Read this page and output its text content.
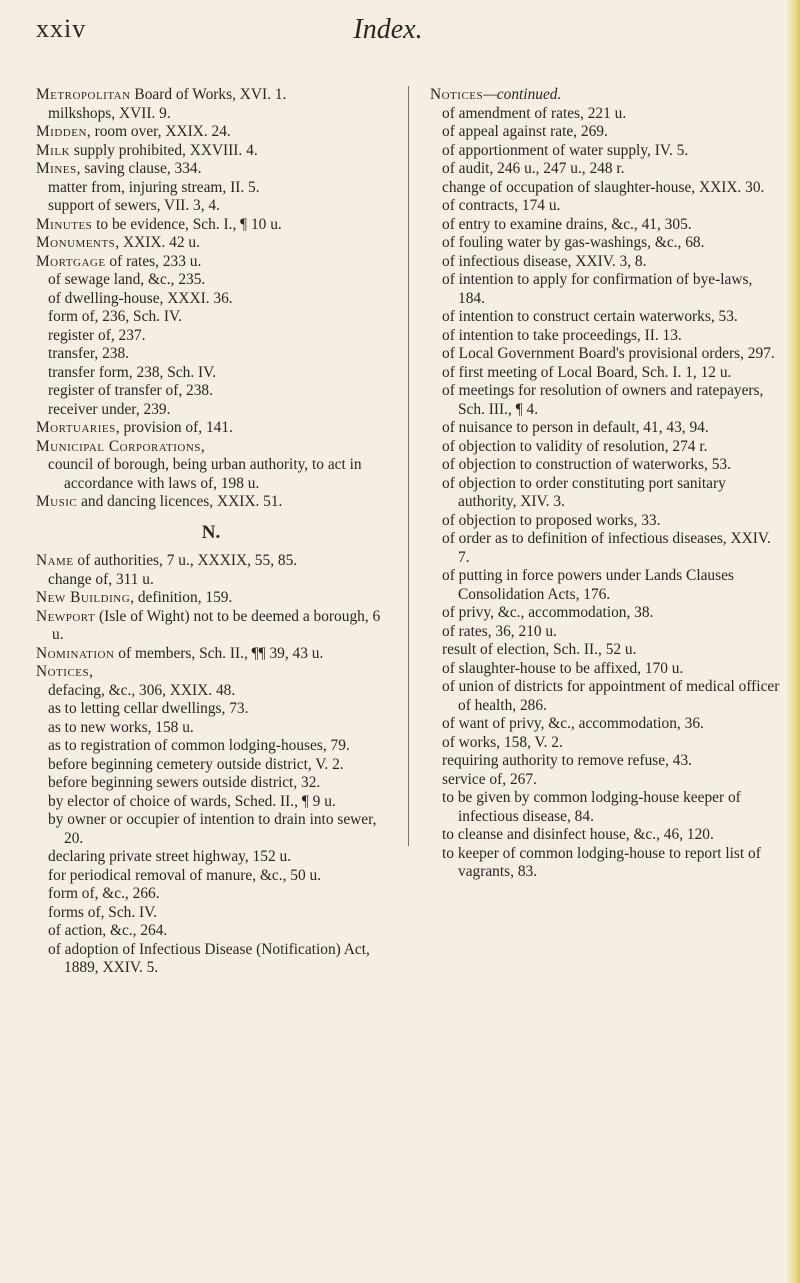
xxiv	Index.
Metropolitan Board of Works, XVI. 1.
milkshops, XVII. 9.
Midden, room over, XXIX. 24.
Milk supply prohibited, XXVIII. 4.
Mines, saving clause, 334.
matter from, injuring stream, II. 5.
support of sewers, VII. 3, 4.
Minutes to be evidence, Sch. I., ¶ 10 u.
Monuments, XXIX. 42 u.
Mortgage of rates, 233 u.
of sewage land, &c., 235.
of dwelling-house, XXXI. 36.
form of, 236, Sch. IV.
register of, 237.
transfer, 238.
transfer form, 238, Sch. IV.
register of transfer of, 238.
receiver under, 239.
Mortuaries, provision of, 141.
Municipal Corporations,
council of borough, being urban authority, to act in accordance with laws of, 198 u.
Music and dancing licences, XXIX. 51.
N.
Name of authorities, 7 u., XXXIX, 55, 85.
change of, 311 u.
New Building, definition, 159.
Newport (Isle of Wight) not to be deemed a borough, 6 u.
Nomination of members, Sch. II., ¶¶ 39, 43 u.
Notices,
defacing, &c., 306, XXIX. 48.
as to letting cellar dwellings, 73.
as to new works, 158 u.
as to registration of common lodging-houses, 79.
before beginning cemetery outside district, V. 2.
before beginning sewers outside district, 32.
by elector of choice of wards, Sched. II., ¶ 9 u.
by owner or occupier of intention to drain into sewer, 20.
declaring private street highway, 152 u.
for periodical removal of manure, &c., 50 u.
form of, &c., 266.
forms of, Sch. IV.
of action, &c., 264.
of adoption of Infectious Disease (Notification) Act, 1889, XXIV. 5.
Notices—continued.
of amendment of rates, 221 u.
of appeal against rate, 269.
of apportionment of water supply, IV. 5.
of audit, 246 u., 247 u., 248 r.
change of occupation of slaughter-house, XXIX. 30.
of contracts, 174 u.
of entry to examine drains, &c., 41, 305.
of fouling water by gas-washings, &c., 68.
of infectious disease, XXIV. 3, 8.
of intention to apply for confirmation of bye-laws, 184.
of intention to construct certain waterworks, 53.
of intention to take proceedings, II. 13.
of Local Government Board's provisional orders, 297.
of first meeting of Local Board, Sch. I. 1, 12 u.
of meetings for resolution of owners and ratepayers, Sch. III., ¶ 4.
of nuisance to person in default, 41, 43, 94.
of objection to validity of resolution, 274 r.
of objection to construction of waterworks, 53.
of objection to order constituting port sanitary authority, XIV. 3.
of objection to proposed works, 33.
of order as to definition of infectious diseases, XXIV. 7.
of putting in force powers under Lands Clauses Consolidation Acts, 176.
of privy, &c., accommodation, 38.
of rates, 36, 210 u.
result of election, Sch. II., 52 u.
of slaughter-house to be affixed, 170 u.
of union of districts for appointment of medical officer of health, 286.
of want of privy, &c., accommodation, 36.
of works, 158, V. 2.
requiring authority to remove refuse, 43.
service of, 267.
to be given by common lodging-house keeper of infectious disease, 84.
to cleanse and disinfect house, &c., 46, 120.
to keeper of common lodging-house to report list of vagrants, 83.
